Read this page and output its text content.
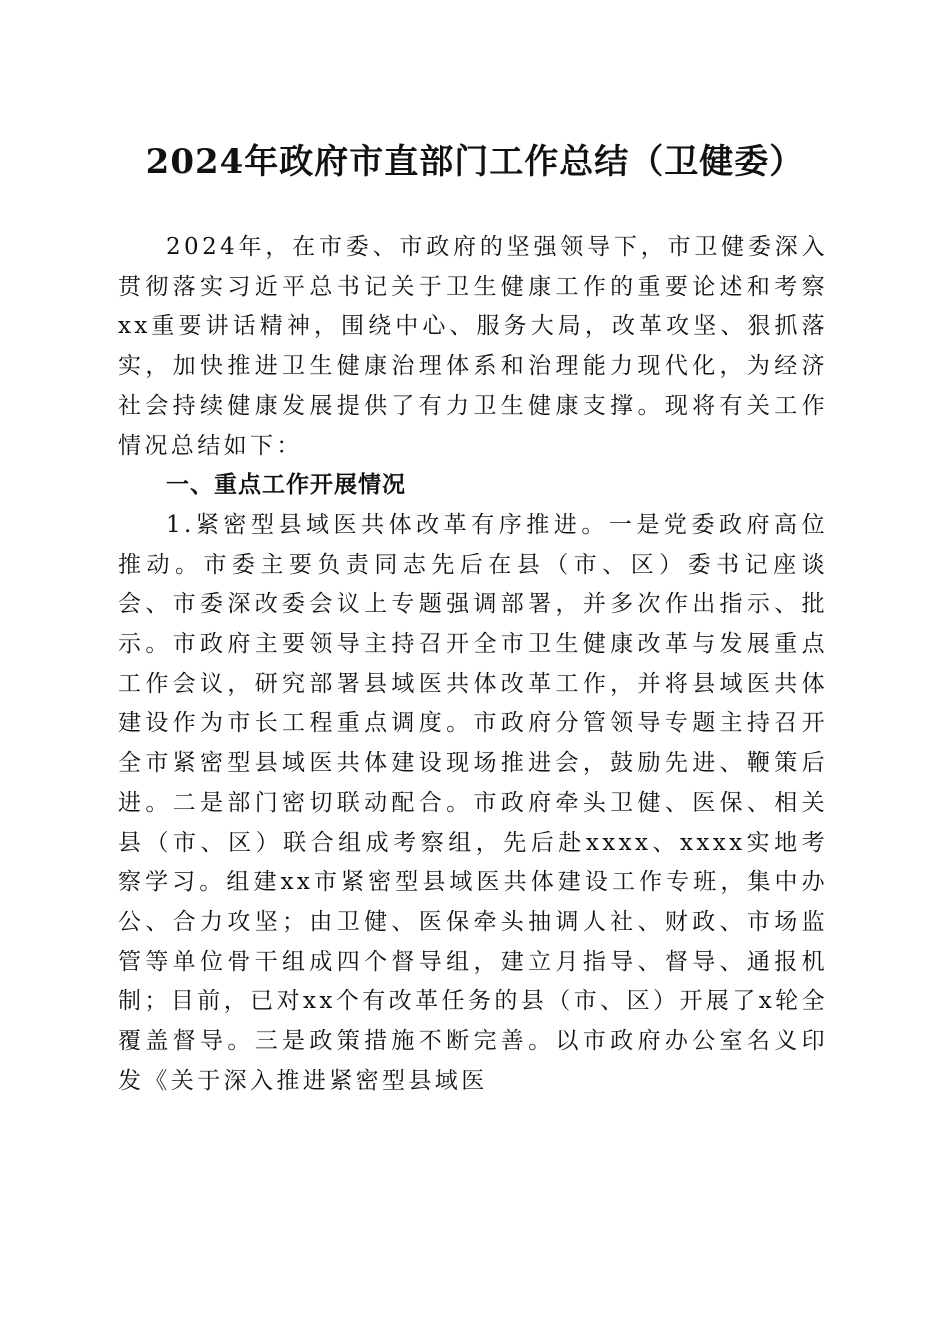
2024年政府市直部门工作总结（卫健委）

2024年，在市委、市政府的坚强领导下，市卫健委深入贯彻落实习近平总书记关于卫生健康工作的重要论述和考察xx重要讲话精神，围绕中心、服务大局，改革攻坚、狠抓落实，加快推进卫生健康治理体系和治理能力现代化，为经济社会持续健康发展提供了有力卫生健康支撑。现将有关工作情况总结如下：

一、重点工作开展情况

1.紧密型县域医共体改革有序推进。一是党委政府高位推动。市委主要负责同志先后在县（市、区）委书记座谈会、市委深改委会议上专题强调部署，并多次作出指示、批示。市政府主要领导主持召开全市卫生健康改革与发展重点工作会议，研究部署县域医共体改革工作，并将县域医共体建设作为市长工程重点调度。市政府分管领导专题主持召开全市紧密型县域医共体建设现场推进会，鼓励先进、鞭策后进。二是部门密切联动配合。市政府牵头卫健、医保、相关县（市、区）联合组成考察组，先后赴xxxx、xxxx实地考察学习。组建xx市紧密型县域医共体建设工作专班，集中办公、合力攻坚；由卫健、医保牵头抽调人社、财政、市场监管等单位骨干组成四个督导组，建立月指导、督导、通报机制；目前，已对xx个有改革任务的县（市、区）开展了x轮全覆盖督导。三是政策措施不断完善。以市政府办公室名义印发《关于深入推进紧密型县域医
